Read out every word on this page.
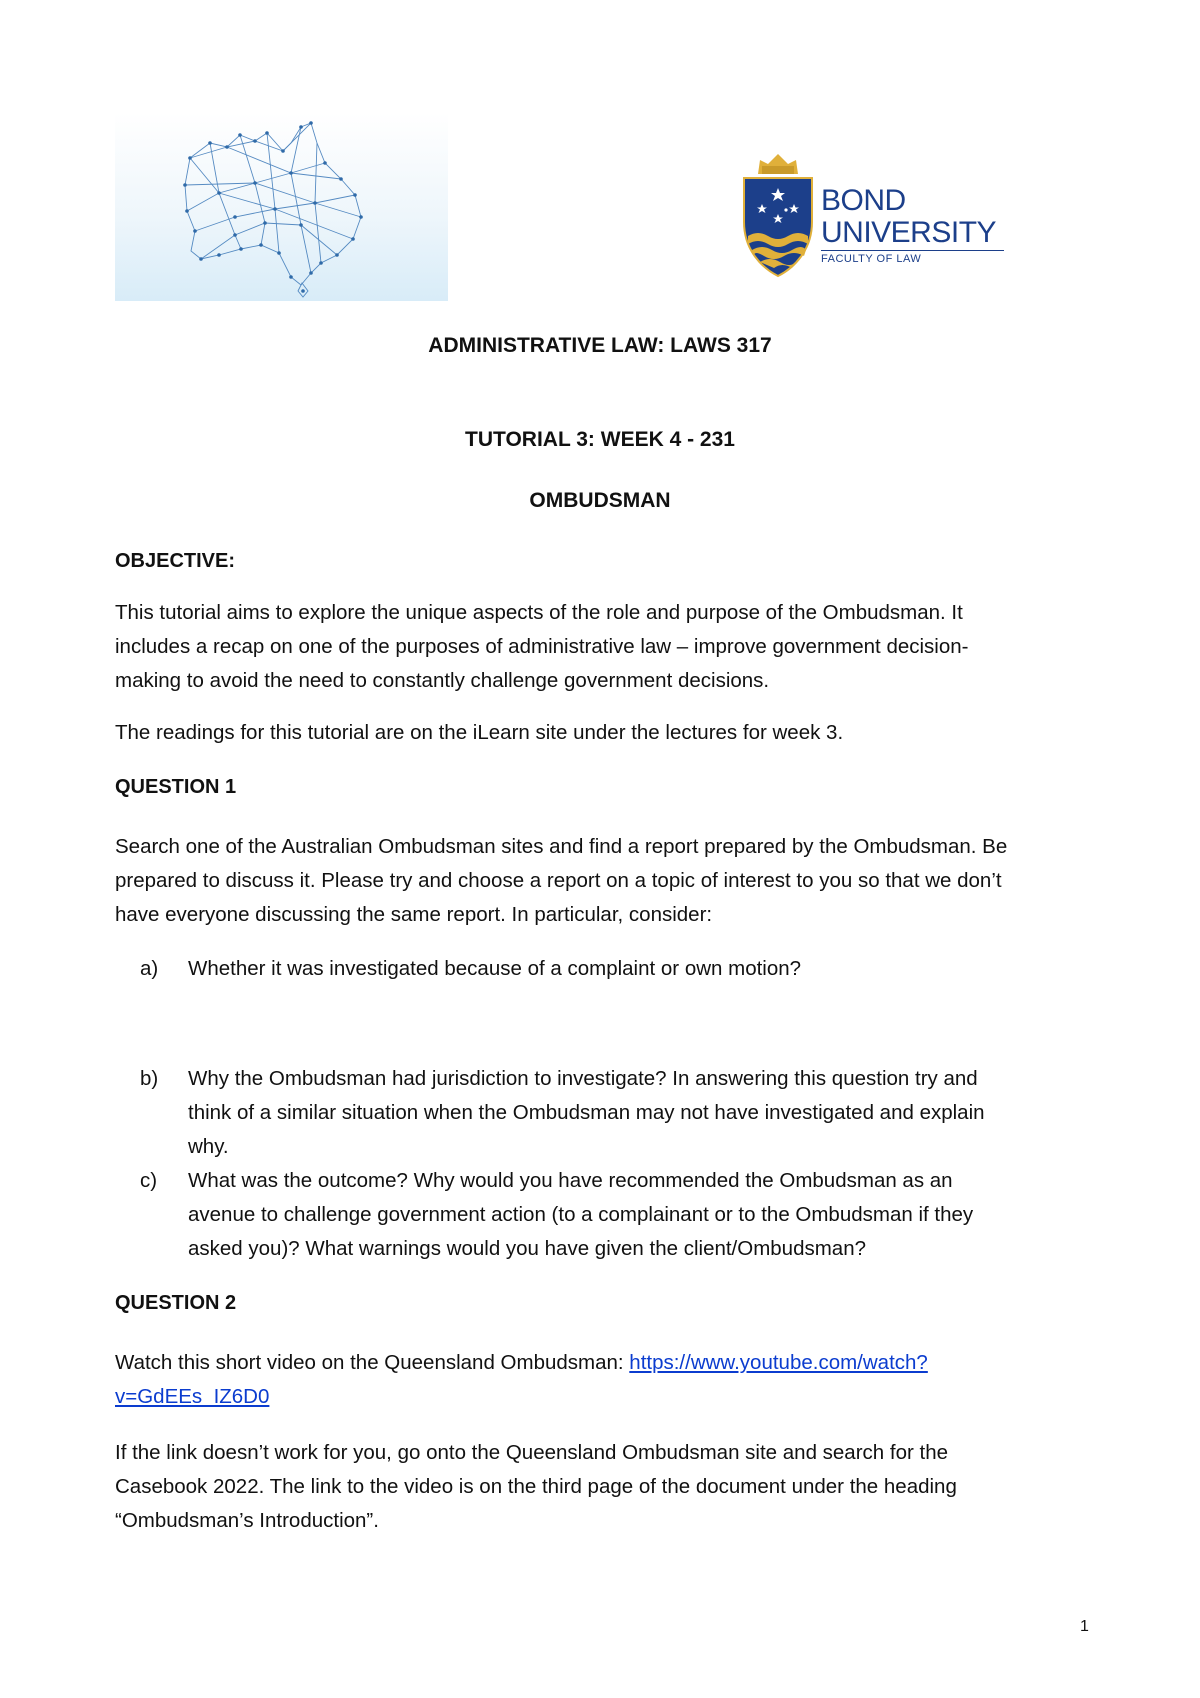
BOND
UNIVERSITY
FACULTY OF LAW
ADMINISTRATIVE LAW: LAWS 317
TUTORIAL 3: WEEK 4 - 231
OMBUDSMAN
OBJECTIVE:
This tutorial aims to explore the unique aspects of the role and purpose of the Ombudsman. It
includes a recap on one of the purposes of administrative law – improve government decision-
making to avoid the need to constantly challenge government decisions.
The readings for this tutorial are on the iLearn site under the lectures for week 3.
QUESTION 1
Search one of the Australian Ombudsman sites and find a report prepared by the Ombudsman. Be
prepared to discuss it. Please try and choose a report on a topic of interest to you so that we don’t
have everyone discussing the same report. In particular, consider:
a) Whether it was investigated because of a complaint or own motion?
b) Why the Ombudsman had jurisdiction to investigate? In answering this question try and
think of a similar situation when the Ombudsman may not have investigated and explain
why.
c) What was the outcome? Why would you have recommended the Ombudsman as an
avenue to challenge government action (to a complainant or to the Ombudsman if they
asked you)? What warnings would you have given the client/Ombudsman?
QUESTION 2
Watch this short video on the Queensland Ombudsman: https://www.youtube.com/watch?
v=GdEEs_IZ6D0
If the link doesn’t work for you, go onto the Queensland Ombudsman site and search for the
Casebook 2022. The link to the video is on the third page of the document under the heading
“Ombudsman’s Introduction”.
1
